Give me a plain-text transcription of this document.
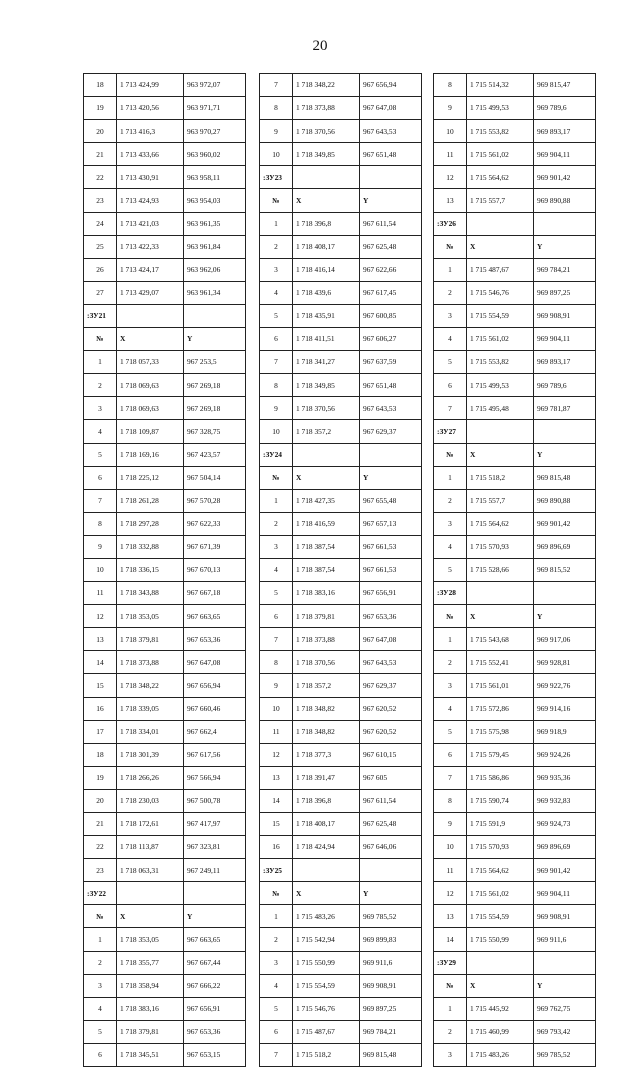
20
18	1 713 424,99	963 972,07
19	1 713 420,56	963 971,71
20	1 713 416,3	963 970,27
21	1 713 433,66	963 960,02
22	1 713 430,91	963 958,11
23	1 713 424,93	963 954,03
24	1 713 421,03	963 961,35
25	1 713 422,33	963 961,84
26	1 713 424,17	963 962,06
27	1 713 429,07	963 961,34
:ЗУ21		
№	X	Y
1	1 718 057,33	967 253,5
2	1 718 069,63	967 269,18
3	1 718 069,63	967 269,18
4	1 718 109,87	967 328,75
5	1 718 169,16	967 423,57
6	1 718 225,12	967 504,14
7	1 718 261,28	967 570,28
8	1 718 297,28	967 622,33
9	1 718 332,88	967 671,39
10	1 718 336,15	967 670,13
11	1 718 343,88	967 667,18
12	1 718 353,05	967 663,65
13	1 718 379,81	967 653,36
14	1 718 373,88	967 647,08
15	1 718 348,22	967 656,94
16	1 718 339,05	967 660,46
17	1 718 334,01	967 662,4
18	1 718 301,39	967 617,56
19	1 718 266,26	967 566,94
20	1 718 230,03	967 500,78
21	1 718 172,61	967 417,97
22	1 718 113,87	967 323,81
23	1 718 063,31	967 249,11
:ЗУ22		
№	X	Y
1	1 718 353,05	967 663,65
2	1 718 355,77	967 667,44
3	1 718 358,94	967 666,22
4	1 718 383,16	967 656,91
5	1 718 379,81	967 653,36
6	1 718 345,51	967 653,15
7	1 718 348,22	967 656,94
8	1 718 373,88	967 647,08
9	1 718 370,56	967 643,53
10	1 718 349,85	967 651,48
:ЗУ23		
№	X	Y
1	1 718 396,8	967 611,54
2	1 718 408,17	967 625,48
3	1 718 416,14	967 622,66
4	1 718 439,6	967 617,45
5	1 718 435,91	967 600,85
6	1 718 411,51	967 606,27
7	1 718 341,27	967 637,59
8	1 718 349,85	967 651,48
9	1 718 370,56	967 643,53
10	1 718 357,2	967 629,37
:ЗУ24		
№	X	Y
1	1 718 427,35	967 655,48
2	1 718 416,59	967 657,13
3	1 718 387,54	967 661,53
4	1 718 387,54	967 661,53
5	1 718 383,16	967 656,91
6	1 718 379,81	967 653,36
7	1 718 373,88	967 647,08
8	1 718 370,56	967 643,53
9	1 718 357,2	967 629,37
10	1 718 348,82	967 620,52
11	1 718 348,82	967 620,52
12	1 718 377,3	967 610,15
13	1 718 391,47	967 605
14	1 718 396,8	967 611,54
15	1 718 408,17	967 625,48
16	1 718 424,94	967 646,06
:ЗУ25		
№	X	Y
1	1 715 483,26	969 785,52
2	1 715 542,94	969 899,83
3	1 715 550,99	969 911,6
4	1 715 554,59	969 908,91
5	1 715 546,76	969 897,25
6	1 715 487,67	969 784,21
7	1 715 518,2	969 815,48
8	1 715 514,32	969 815,47
9	1 715 499,53	969 789,6
10	1 715 553,82	969 893,17
11	1 715 561,02	969 904,11
12	1 715 564,62	969 901,42
13	1 715 557,7	969 890,88
:ЗУ26		
№	X	Y
1	1 715 487,67	969 784,21
2	1 715 546,76	969 897,25
3	1 715 554,59	969 908,91
4	1 715 561,02	969 904,11
5	1 715 553,82	969 893,17
6	1 715 499,53	969 789,6
7	1 715 495,48	969 781,87
:ЗУ27		
№	X	Y
1	1 715 518,2	969 815,48
2	1 715 557,7	969 890,88
3	1 715 564,62	969 901,42
4	1 715 570,93	969 896,69
5	1 715 528,66	969 815,52
:ЗУ28		
№	X	Y
1	1 715 543,68	969 917,06
2	1 715 552,41	969 928,81
3	1 715 561,01	969 922,76
4	1 715 572,86	969 914,16
5	1 715 575,98	969 918,9
6	1 715 579,45	969 924,26
7	1 715 586,86	969 935,36
8	1 715 590,74	969 932,83
9	1 715 591,9	969 924,73
10	1 715 570,93	969 896,69
11	1 715 564,62	969 901,42
12	1 715 561,02	969 904,11
13	1 715 554,59	969 908,91
14	1 715 550,99	969 911,6
:ЗУ29		
№	X	Y
1	1 715 445,92	969 762,75
2	1 715 460,99	969 793,42
3	1 715 483,26	969 785,52
